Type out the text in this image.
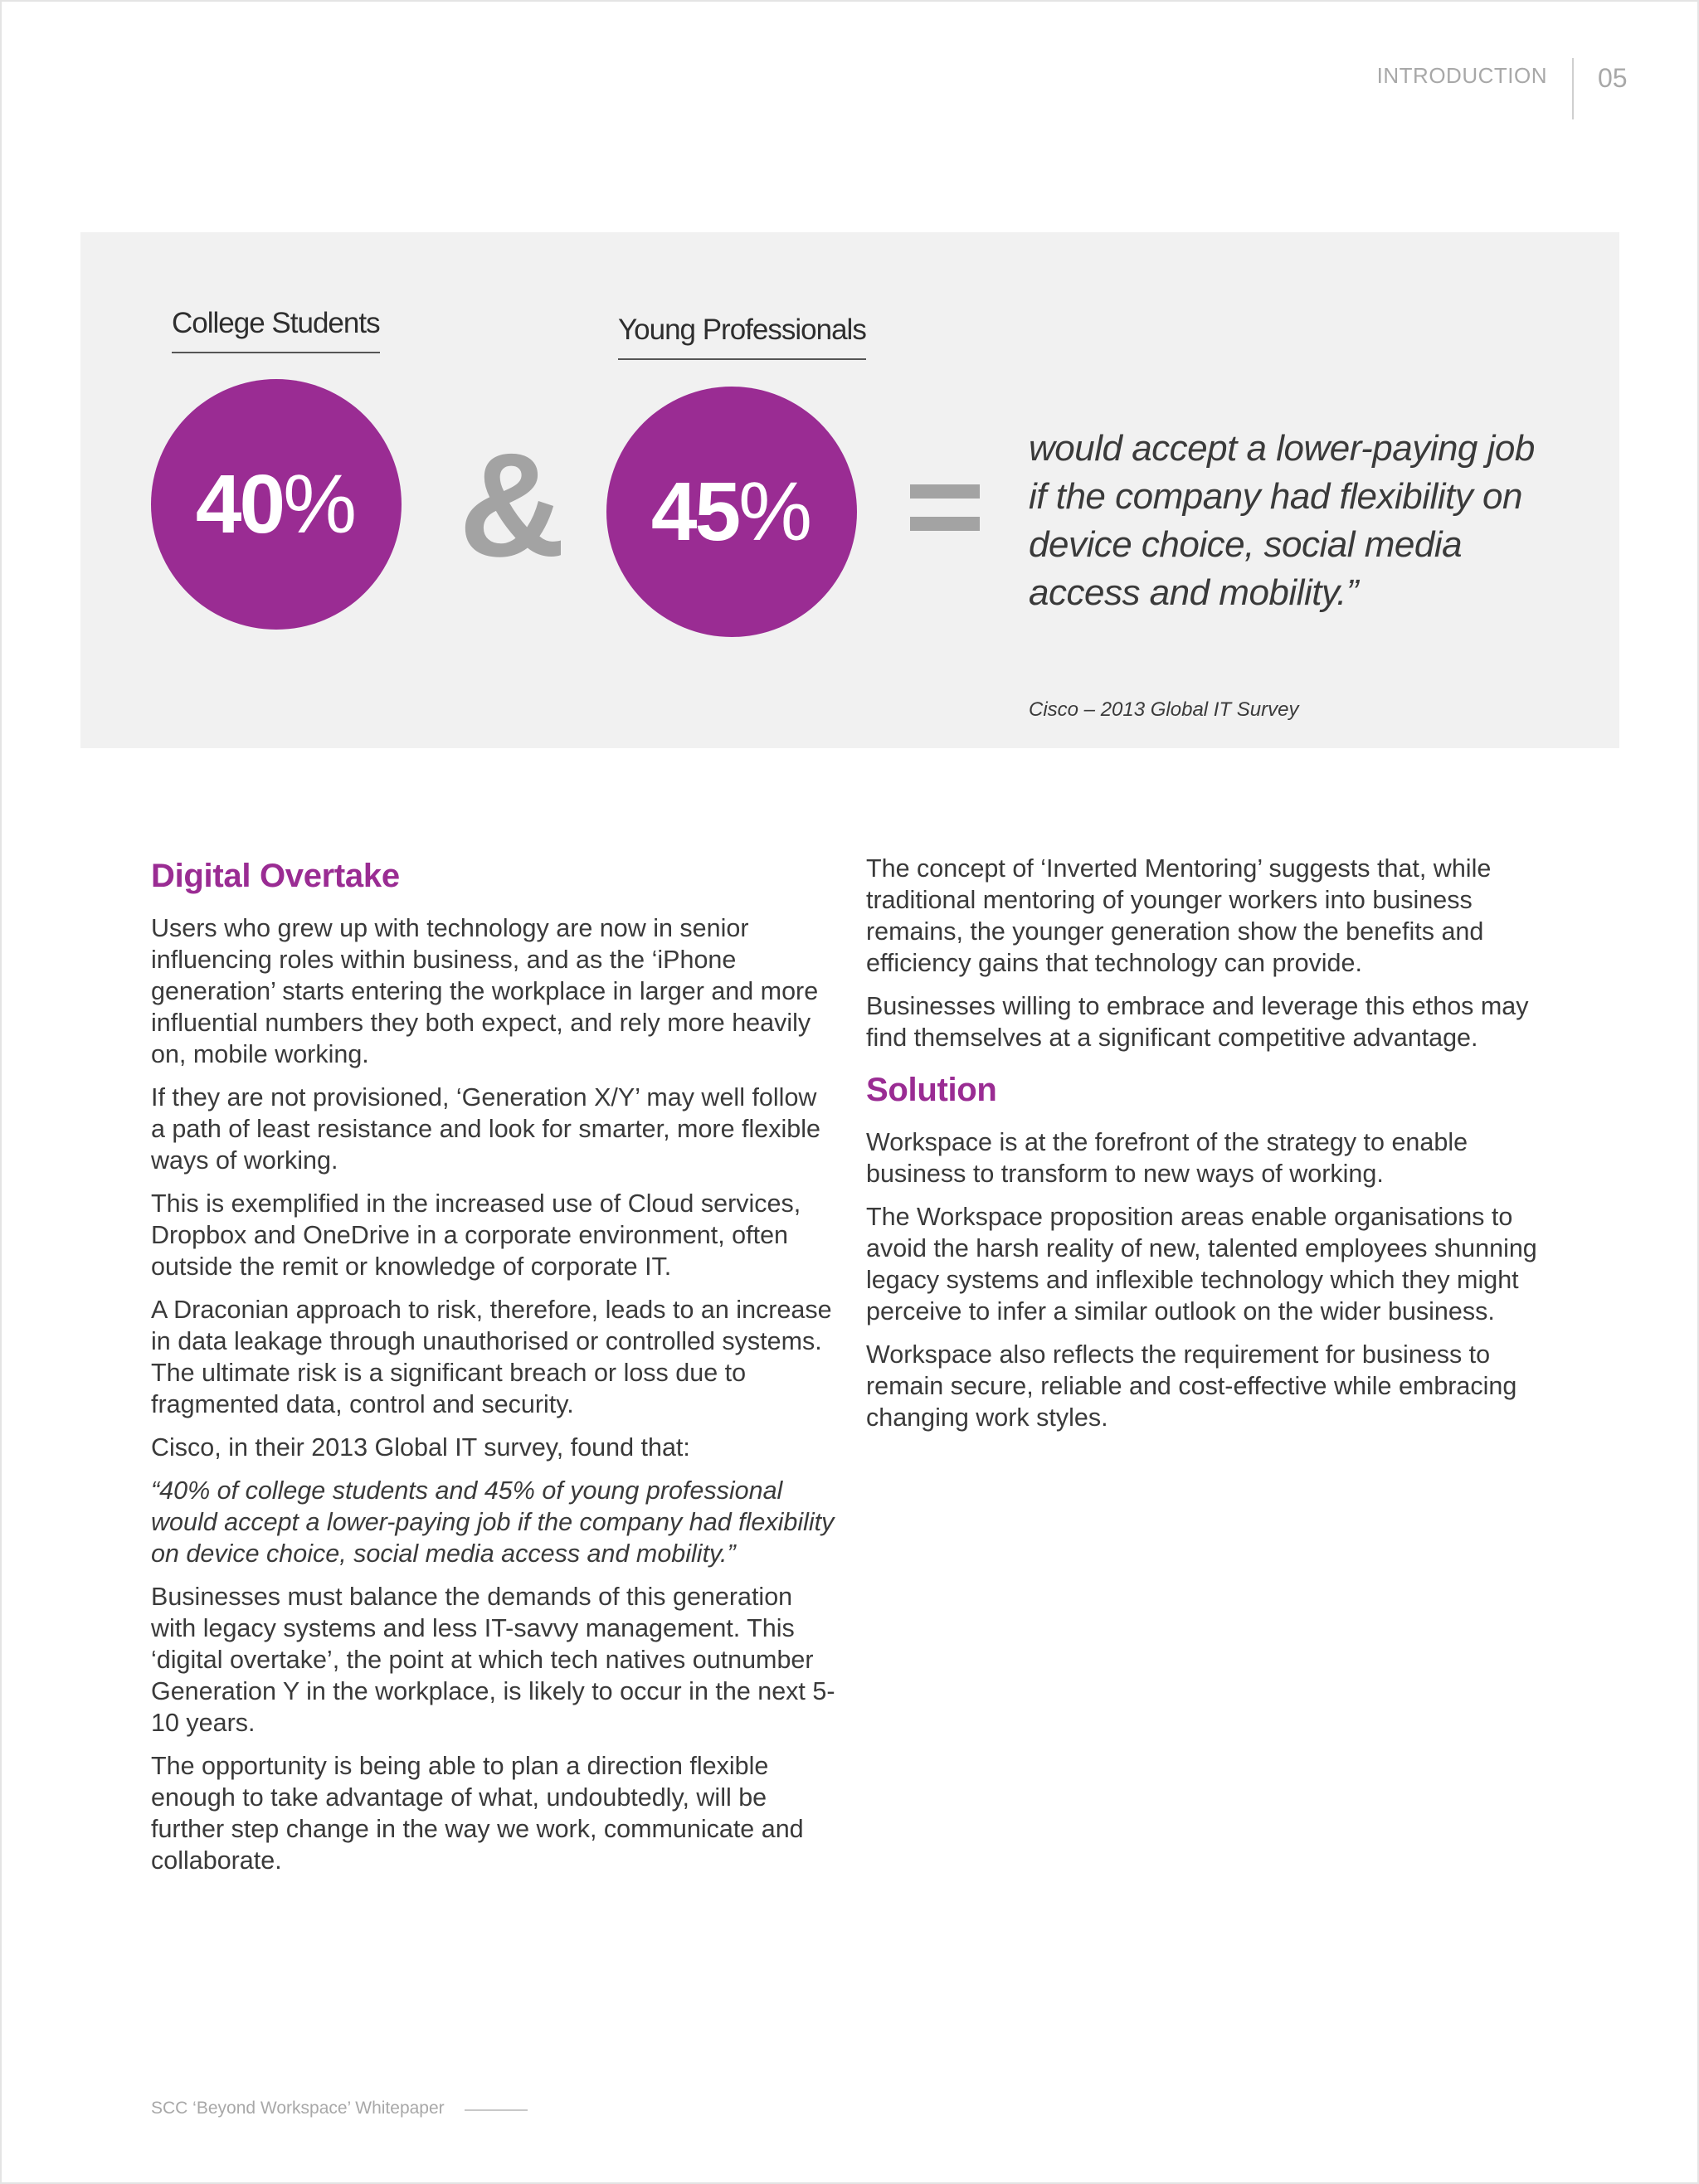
INTRODUCTION 05
College Students	Young Professionals
40 % & 45 %
would accept a lower-paying job if the company had flexibility on device choice, social media access and mobility.”
Cisco – 2013 Global IT Survey
Digital Overtake

Users who grew up with technology are now in senior influencing roles within business, and as the ‘iPhone generation’ starts entering the workplace in larger and more influential numbers they both expect, and rely more heavily on, mobile working.

If they are not provisioned, ‘Generation X/Y’ may well follow a path of least resistance and look for smarter, more flexible ways of working.

This is exemplified in the increased use of Cloud services, Dropbox and OneDrive in a corporate environment, often outside the remit or knowledge of corporate IT.

A Draconian approach to risk, therefore, leads to an increase in data leakage through unauthorised or controlled systems. The ultimate risk is a significant breach or loss due to fragmented data, control and security.

Cisco, in their 2013 Global IT survey, found that:

“40% of college students and 45% of young professional would accept a lower-paying job if the company had flexibility on device choice, social media access and mobility.”

Businesses must balance the demands of this generation with legacy systems and less IT-savvy management. This ‘digital overtake’, the point at which tech natives outnumber Generation Y in the workplace, is likely to occur in the next 5-10 years.

The opportunity is being able to plan a direction flexible enough to take advantage of what, undoubtedly, will be further step change in the way we work, communicate and collaborate.

The concept of ‘Inverted Mentoring’ suggests that, while traditional mentoring of younger workers into business remains, the younger generation show the benefits and efficiency gains that technology can provide.

Businesses willing to embrace and leverage this ethos may find themselves at a significant competitive advantage.

Solution

Workspace is at the forefront of the strategy to enable business to transform to new ways of working.

The Workspace proposition areas enable organisations to avoid the harsh reality of new, talented employees shunning legacy systems and inflexible technology which they might perceive to infer a similar outlook on the wider business.

Workspace also reflects the requirement for business to remain secure, reliable and cost-effective while embracing changing work styles.

SCC ‘Beyond Workspace’ Whitepaper
